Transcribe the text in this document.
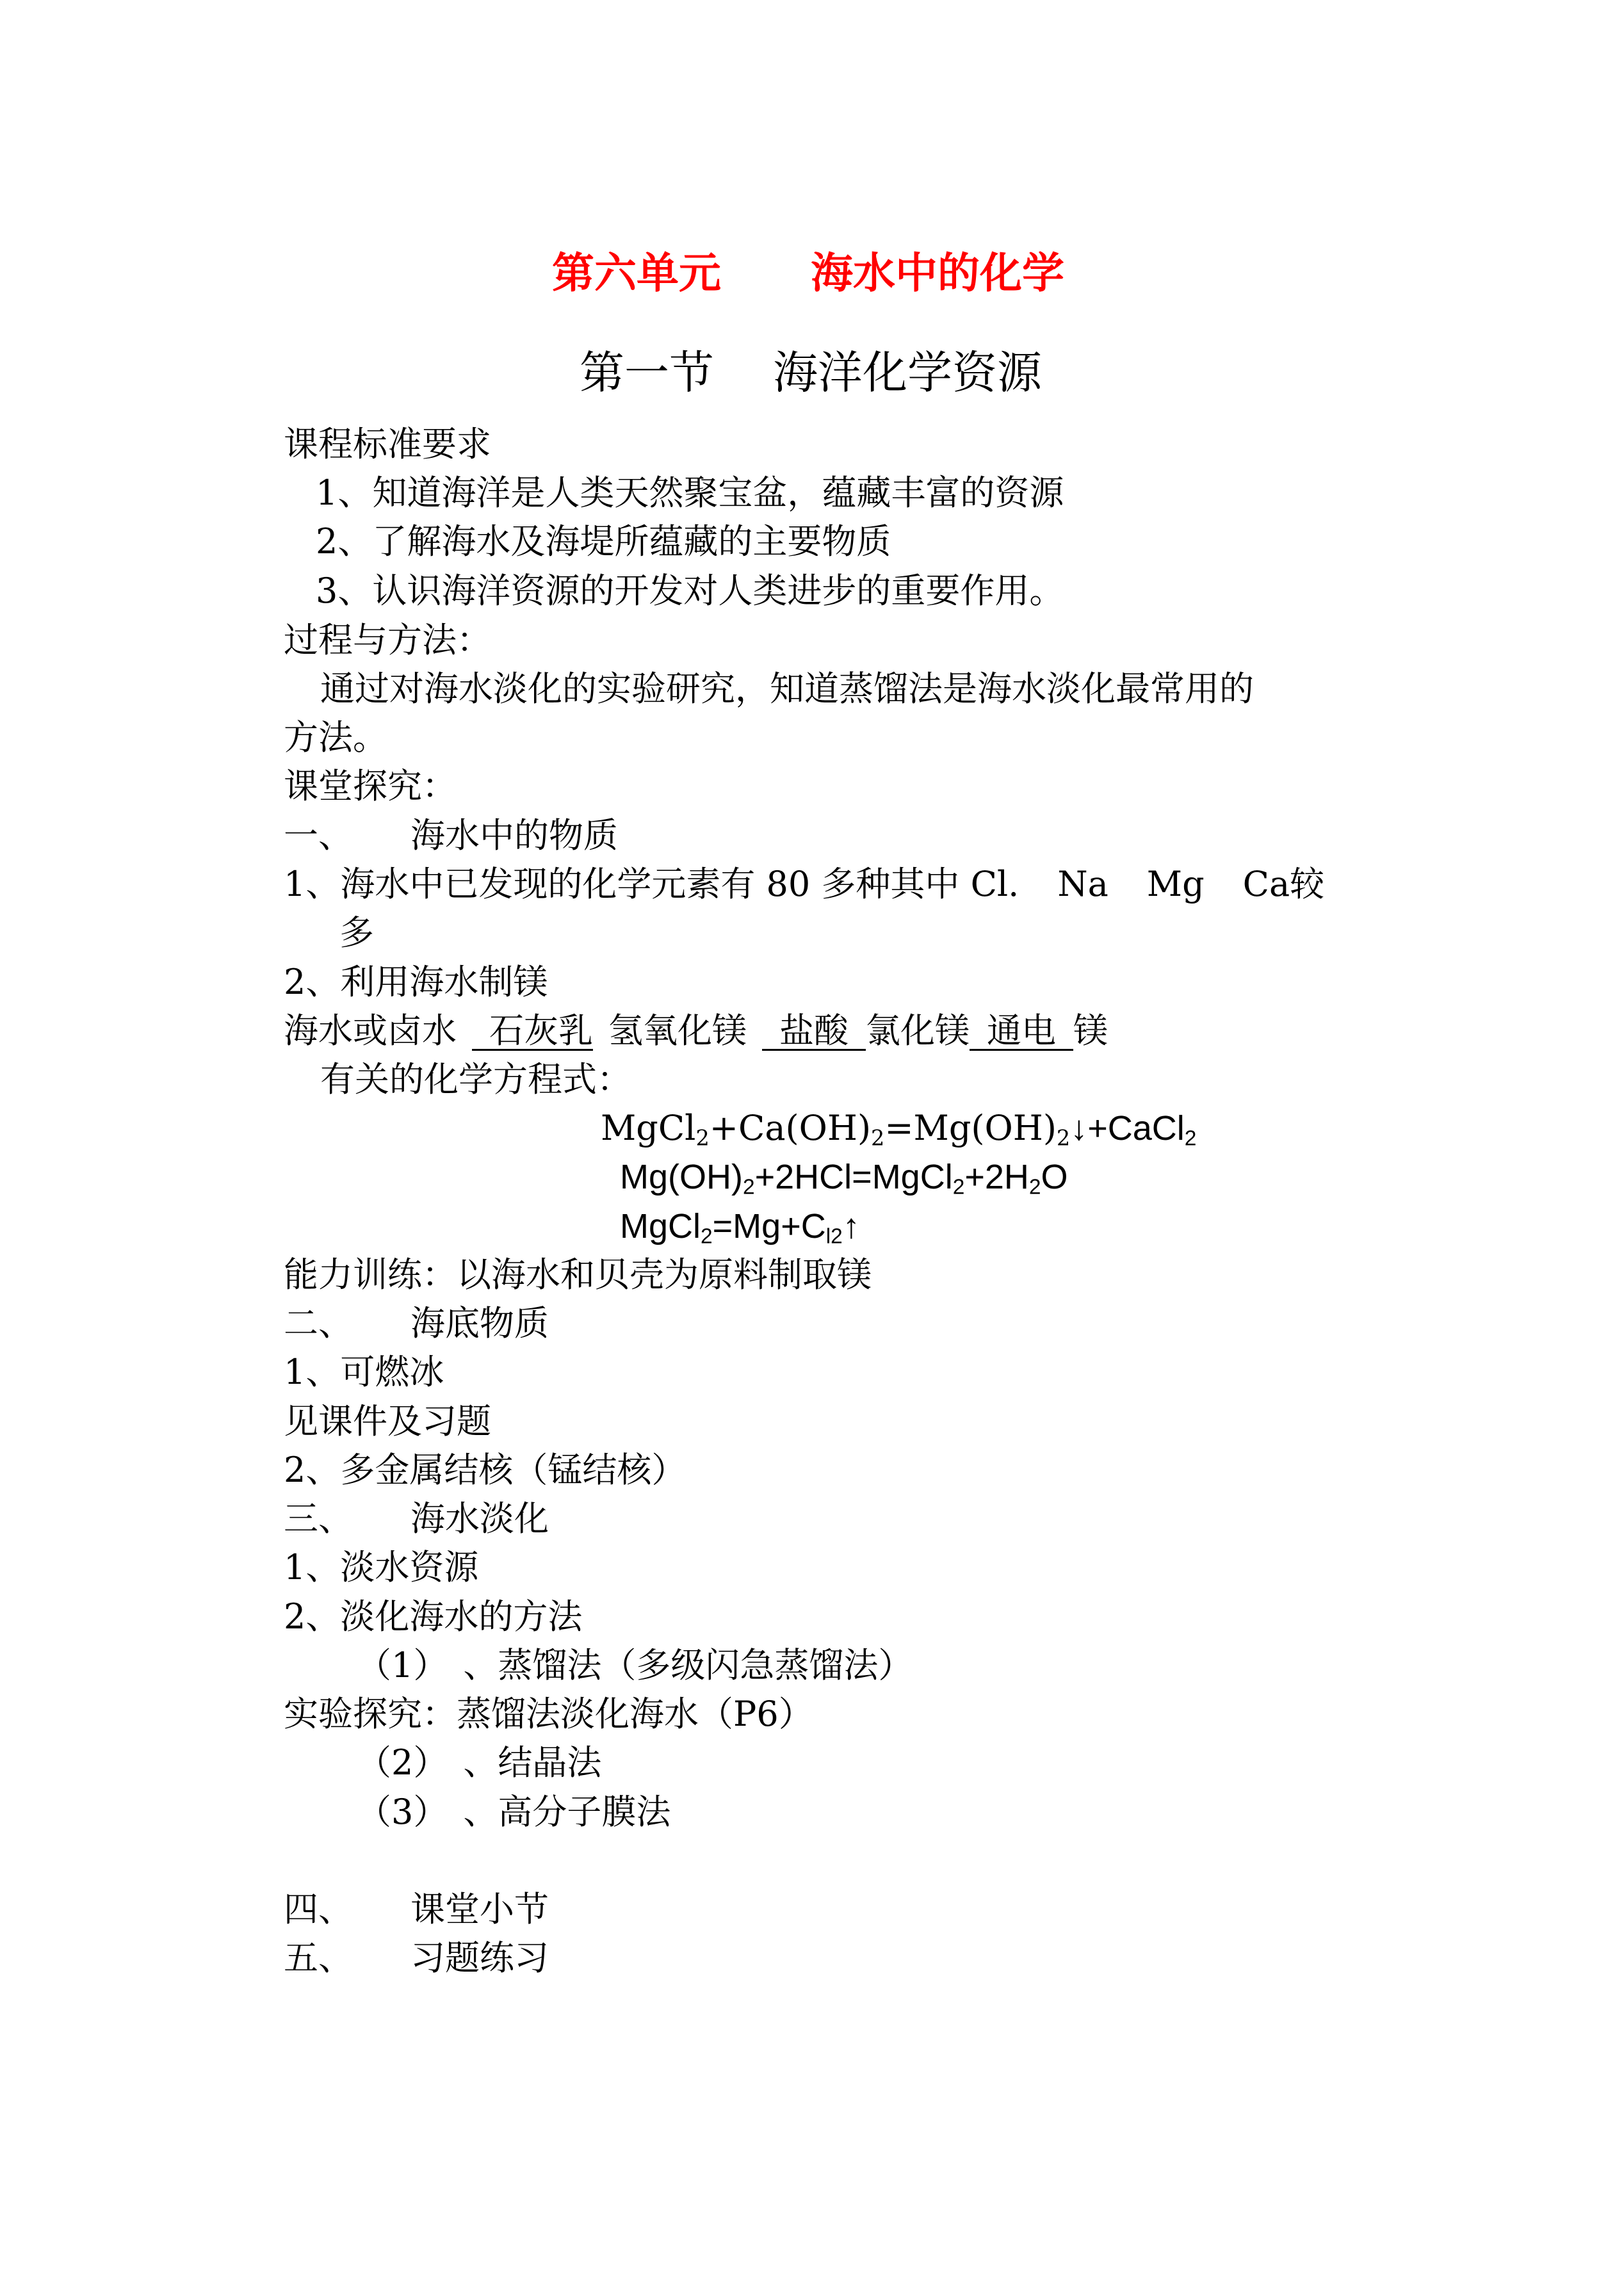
第六单元 海水中的化学
第一节 海洋化学资源
课程标准要求
1、知道海洋是人类天然聚宝盆，蕴藏丰富的资源
2、了解海水及海堤所蕴藏的主要物质
3、认识海洋资源的开发对人类进步的重要作用。
过程与方法：
通过对海水淡化的实验研究，知道蒸馏法是海水淡化最常用的
方法。
课堂探究：
一、 海水中的物质
1、海水中已发现的化学元素有 80 多种其中 Cl. Na Mg Ca较
多
2、利用海水制镁
海水或卤水  石灰乳 氢氧化镁  盐酸  氯化镁  通电  镁
有关的化学方程式：
$MgCl_2+Ca(OH)_2=Mg(OH)_2↓+CaCl_2$
$Mg(OH)_2+2HCl=MgCl_2+2H_2O$
$MgCl_2=Mg+C_{l2}↑$
能力训练：以海水和贝壳为原料制取镁
二、 海底物质
1、可燃冰
见课件及习题
2、多金属结核（锰结核）
三、 海水淡化
1、淡水资源
2、淡化海水的方法
（1） 、蒸馏法（多级闪急蒸馏法）
实验探究：蒸馏法淡化海水（P6）
（2） 、结晶法
（3） 、高分子膜法
四、 课堂小节
五、 习题练习
